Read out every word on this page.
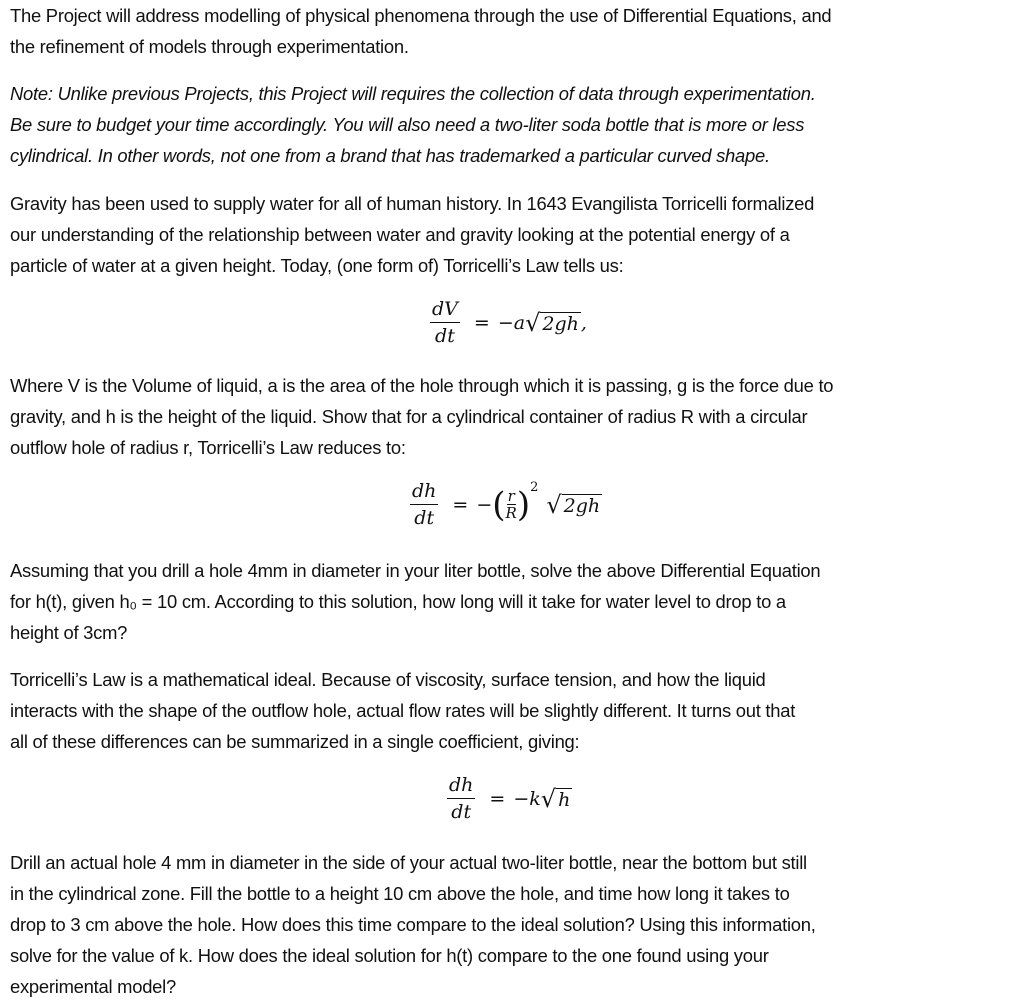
The Project will address modelling of physical phenomena through the use of Differential Equations, and
the refinement of models through experimentation.
Note: Unlike previous Projects, this Project will requires the collection of data through experimentation.
Be sure to budget your time accordingly. You will also need a two-liter soda bottle that is more or less
cylindrical. In other words, not one from a brand that has trademarked a particular curved shape.
Gravity has been used to supply water for all of human history. In 1643 Evangilista Torricelli formalized
our understanding of the relationship between water and gravity looking at the potential energy of a
particle of water at a given height. Today, (one form of) Torricelli’s Law tells us:
$\frac{dV}{dt} = -a$ √ 2gh ,
Where V is the Volume of liquid, a is the area of the hole through which it is passing, g is the force due to
gravity, and h is the height of the liquid. Show that for a cylindrical container of radius R with a circular
outflow hole of radius r, Torricelli’s Law reduces to:
$\frac{dh}{dt}$ = − ( $\frac{r}{R} )^2$
√ 2gh
Assuming that you drill a hole 4mm in diameter in your liter bottle, solve the above Differential Equation
for h(t), given h₀ = 10 cm. According to this solution, how long will it take for water level to drop to a
height of 3cm?
Torricelli’s Law is a mathematical ideal. Because of viscosity, surface tension, and how the liquid
interacts with the shape of the outflow hole, actual flow rates will be slightly different. It turns out that
all of these differences can be summarized in a single coefficient, giving:
$\frac{dh}{dt} = -k$ √ h
Drill an actual hole 4 mm in diameter in the side of your actual two-liter bottle, near the bottom but still
in the cylindrical zone. Fill the bottle to a height 10 cm above the hole, and time how long it takes to
drop to 3 cm above the hole. How does this time compare to the ideal solution? Using this information,
solve for the value of k. How does the ideal solution for h(t) compare to the one found using your
experimental model?
